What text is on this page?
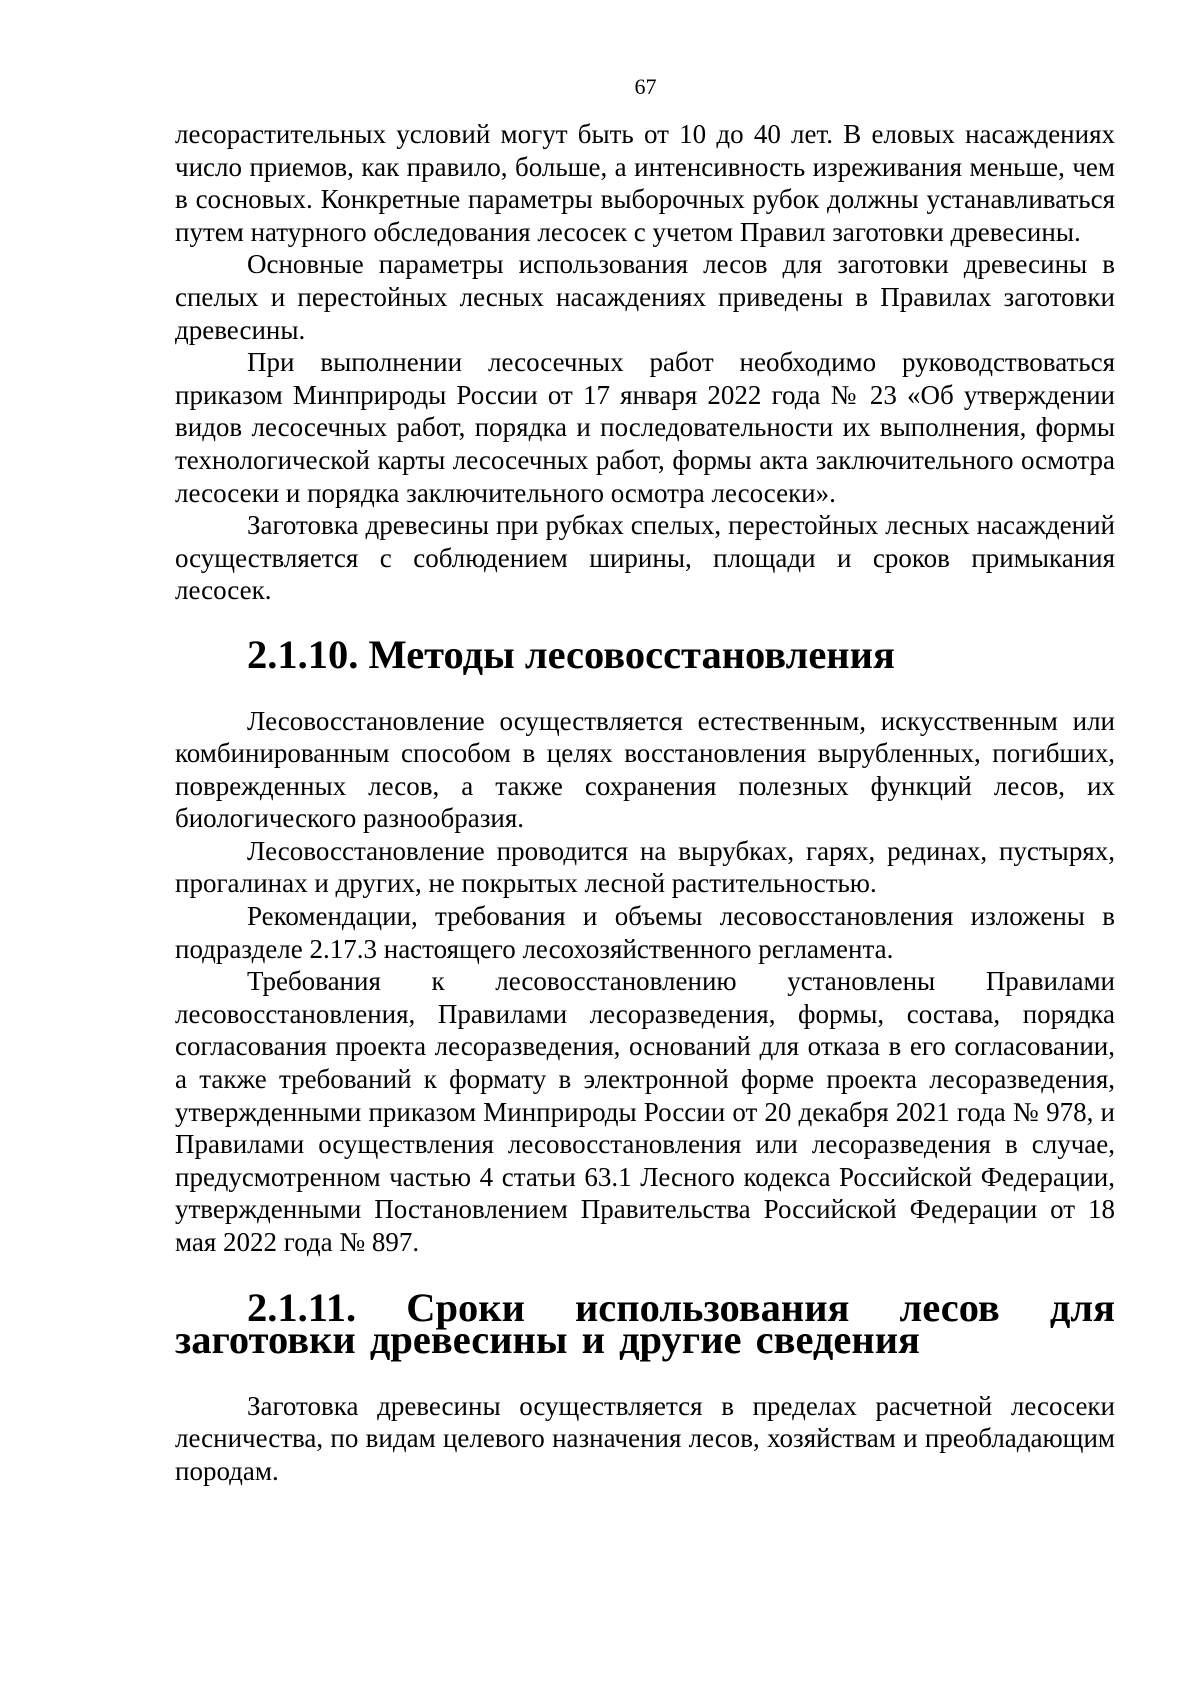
67

лесорастительных условий могут быть от 10 до 40 лет. В еловых насаждениях число приемов, как правило, больше, а интенсивность изреживания меньше, чем в сосновых. Конкретные параметры выборочных рубок должны устанавливаться путем натурного обследования лесосек с учетом Правил заготовки древесины.

Основные параметры использования лесов для заготовки древесины в спелых и перестойных лесных насаждениях приведены в Правилах заготовки древесины.

При выполнении лесосечных работ необходимо руководствоваться приказом Минприроды России от 17 января 2022 года № 23 «Об утверждении видов лесосечных работ, порядка и последовательности их выполнения, формы технологической карты лесосечных работ, формы акта заключительного осмотра лесосеки и порядка заключительного осмотра лесосеки».

Заготовка древесины при рубках спелых, перестойных лесных насаждений осуществляется с соблюдением ширины, площади и сроков примыкания лесосек.

2.1.10. Методы лесовосстановления

Лесовосстановление осуществляется естественным, искусственным или комбинированным способом в целях восстановления вырубленных, погибших, поврежденных лесов, а также сохранения полезных функций лесов, их биологического разнообразия.

Лесовосстановление проводится на вырубках, гарях, рединах, пустырях, прогалинах и других, не покрытых лесной растительностью.

Рекомендации, требования и объемы лесовосстановления изложены в подразделе 2.17.3 настоящего лесохозяйственного регламента.

Требования к лесовосстановлению установлены Правилами лесовосстановления, Правилами лесоразведения, формы, состава, порядка согласования проекта лесоразведения, оснований для отказа в его согласовании, а также требований к формату в электронной форме проекта лесоразведения, утвержденными приказом Минприроды России от 20 декабря 2021 года № 978, и Правилами осуществления лесовосстановления или лесоразведения в случае, предусмотренном частью 4 статьи 63.1 Лесного кодекса Российской Федерации, утвержденными Постановлением Правительства Российской Федерации от 18 мая 2022 года № 897.

2.1.11. Сроки использования лесов для заготовки древесины и другие сведения

Заготовка древесины осуществляется в пределах расчетной лесосеки лесничества, по видам целевого назначения лесов, хозяйствам и преобладающим породам.
